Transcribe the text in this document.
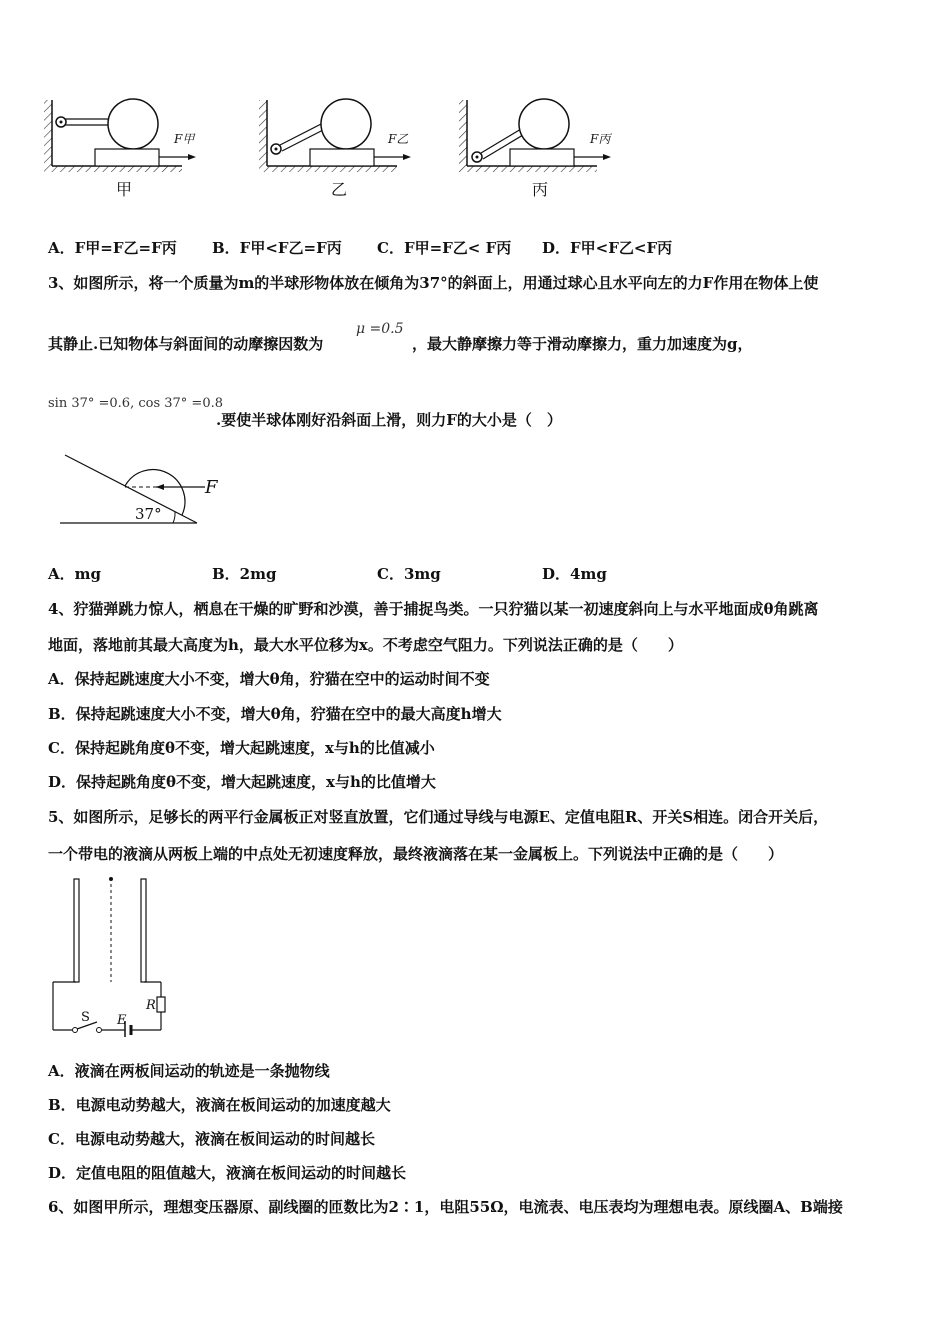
F甲	F乙	F丙
甲	乙	丙
A．F甲=F乙=F丙 B．F甲<F乙=F丙 C．F甲=F乙< F丙 D．F甲<F乙<F丙
3、如图所示，将一个质量为m的半球形物体放在倾角为37°的斜面上，用通过球心且水平向左的力F作用在物体上使
其静止.已知物体与斜面间的动摩擦因数为
μ =0.5
，最大静摩擦力等于滑动摩擦力，重力加速度为g，
sin 37° =0.6, cos 37° =0.8
.要使半球体刚好沿斜面上滑，则力F的大小是（　）
F
37°
A．mg	B．2mg	C．3mg	D．4mg
4、狞猫弹跳力惊人，栖息在干燥的旷野和沙漠，善于捕捉鸟类。一只狞猫以某一初速度斜向上与水平地面成θ角跳离
地面，落地前其最大高度为h，最大水平位移为x。不考虑空气阻力。下列说法正确的是（　　）
A．保持起跳速度大小不变，增大θ角，狞猫在空中的运动时间不变
B．保持起跳速度大小不变，增大θ角，狞猫在空中的最大高度h增大
C．保持起跳角度θ不变，增大起跳速度，x与h的比值减小
D．保持起跳角度θ不变，增大起跳速度，x与h的比值增大
5、如图所示，足够长的两平行金属板正对竖直放置，它们通过导线与电源E、定值电阻R、开关S相连。闭合开关后，
一个带电的液滴从两板上端的中点处无初速度释放，最终液滴落在某一金属板上。下列说法中正确的是（　　）
S E
R
A．液滴在两板间运动的轨迹是一条抛物线
B．电源电动势越大，液滴在板间运动的加速度越大
C．电源电动势越大，液滴在板间运动的时间越长
D．定值电阻的阻值越大，液滴在板间运动的时间越长
6、如图甲所示，理想变压器原、副线圈的匝数比为2∶1，电阻55Ω，电流表、电压表均为理想电表。原线圈A、B端接
